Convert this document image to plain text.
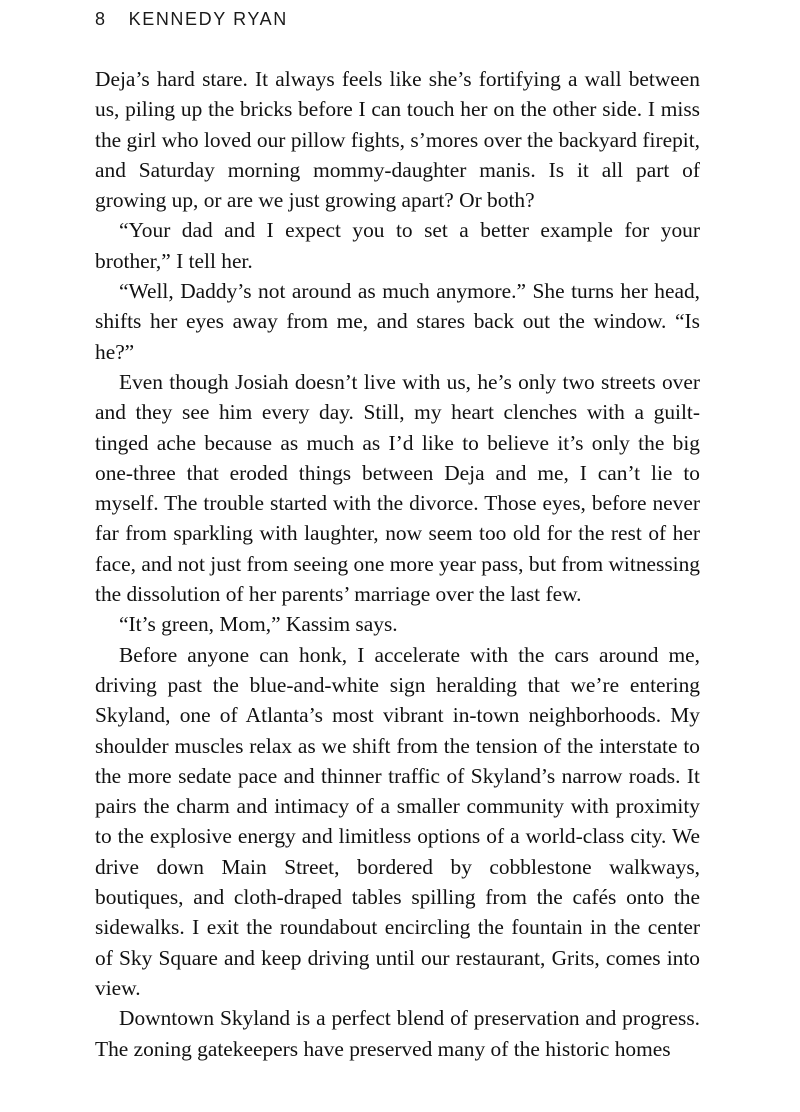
8 KENNEDY RYAN

Deja’s hard stare. It always feels like she’s fortifying a wall between us, piling up the bricks before I can touch her on the other side. I miss the girl who loved our pillow fights, s’mores over the backyard firepit, and Saturday morning mommy-daughter manis. Is it all part of growing up, or are we just growing apart? Or both?

“Your dad and I expect you to set a better example for your brother,” I tell her.

“Well, Daddy’s not around as much anymore.” She turns her head, shifts her eyes away from me, and stares back out the window. “Is he?”

Even though Josiah doesn’t live with us, he’s only two streets over and they see him every day. Still, my heart clenches with a guilt-tinged ache because as much as I’d like to believe it’s only the big one-three that eroded things between Deja and me, I can’t lie to myself. The trouble started with the divorce. Those eyes, before never far from sparkling with laughter, now seem too old for the rest of her face, and not just from seeing one more year pass, but from witnessing the dissolution of her parents’ marriage over the last few.

“It’s green, Mom,” Kassim says.

Before anyone can honk, I accelerate with the cars around me, driving past the blue-and-white sign heralding that we’re entering Skyland, one of Atlanta’s most vibrant in-town neighborhoods. My shoulder muscles relax as we shift from the tension of the interstate to the more sedate pace and thinner traffic of Skyland’s narrow roads. It pairs the charm and intimacy of a smaller community with proximity to the explosive energy and limitless options of a world-class city. We drive down Main Street, bordered by cobblestone walkways, boutiques, and cloth-draped tables spilling from the cafés onto the sidewalks. I exit the roundabout encircling the fountain in the center of Sky Square and keep driving until our restaurant, Grits, comes into view.

Downtown Skyland is a perfect blend of preservation and progress. The zoning gatekeepers have preserved many of the historic homes
